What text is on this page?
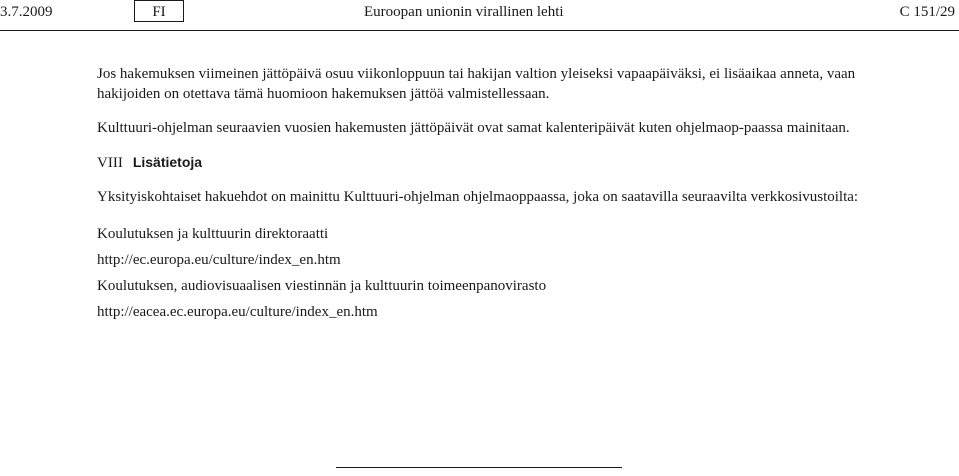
3.7.2009	FI	Euroopan unionin virallinen lehti	C 151/29

Jos hakemuksen viimeinen jättöpäivä osuu viikonloppuun tai hakijan valtion yleiseksi vapaapäiväksi, ei lisäaikaa anneta, vaan hakijoiden on otettava tämä huomioon hakemuksen jättöä valmistellessaan.

Kulttuuri-ohjelman seuraavien vuosien hakemusten jättöpäivät ovat samat kalenteripäivät kuten ohjelmaop-paassa mainitaan.

VIII Lisätietoja

Yksityiskohtaiset hakuehdot on mainittu Kulttuuri-ohjelman ohjelmaoppaassa, joka on saatavilla seuraavilta verkkosivustoilta:

Koulutuksen ja kulttuurin direktoraatti

http://ec.europa.eu/culture/index_en.htm

Koulutuksen, audiovisuaalisen viestinnän ja kulttuurin toimeenpanovirasto

http://eacea.ec.europa.eu/culture/index_en.htm
